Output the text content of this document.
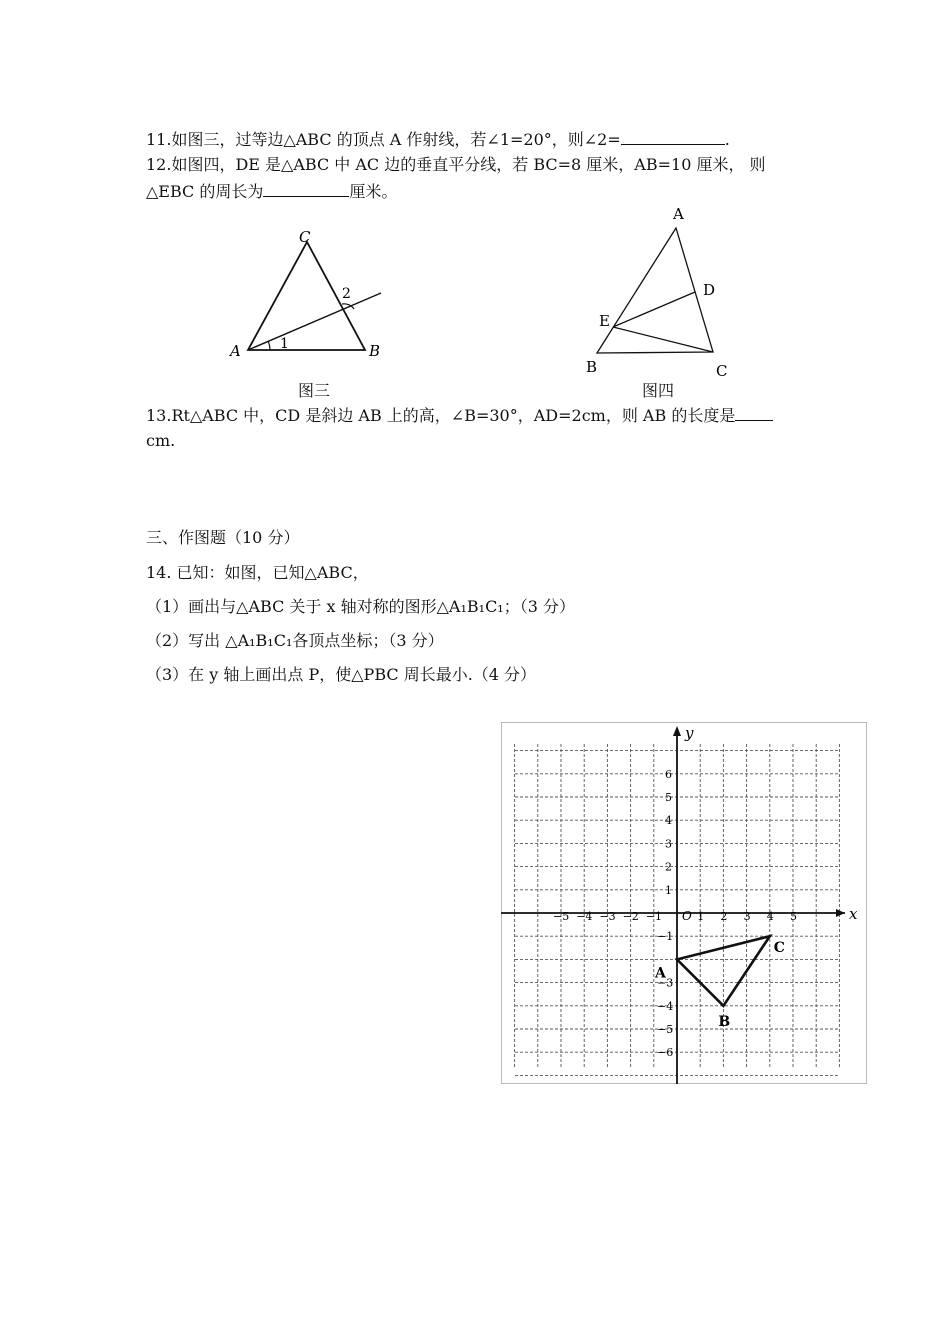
11.如图三，过等边△ABC 的顶点 A 作射线，若∠1=20°，则∠2=	.
12.如图四，DE 是△ABC 中 AC 边的垂直平分线，若 BC=8 厘米，AB=10 厘米， 则
△EBC 的周长为	厘米。
C
A	B
1
2
图三
A
D
E
B	C
图四
13.Rt△ABC 中，CD 是斜边 AB 上的高，∠B=30°，AD=2cm，则 AB 的长度是
cm.
三、作图题（10 分）
14. 已知：如图，已知△ABC，
（1）画出与△ABC 关于 x 轴对称的图形△A₁B₁C₁；（3 分）
（2）写出 △A₁B₁C₁各顶点坐标；（3 分）
（3）在 y 轴上画出点 P，使△PBC 周长最小.（4 分）
x
y
O
−5 −4 −3 −2 −1	1 2 3 4 5
6
5
4
3
2
1
−1
−3
−4
−5
−6
A
B
C
